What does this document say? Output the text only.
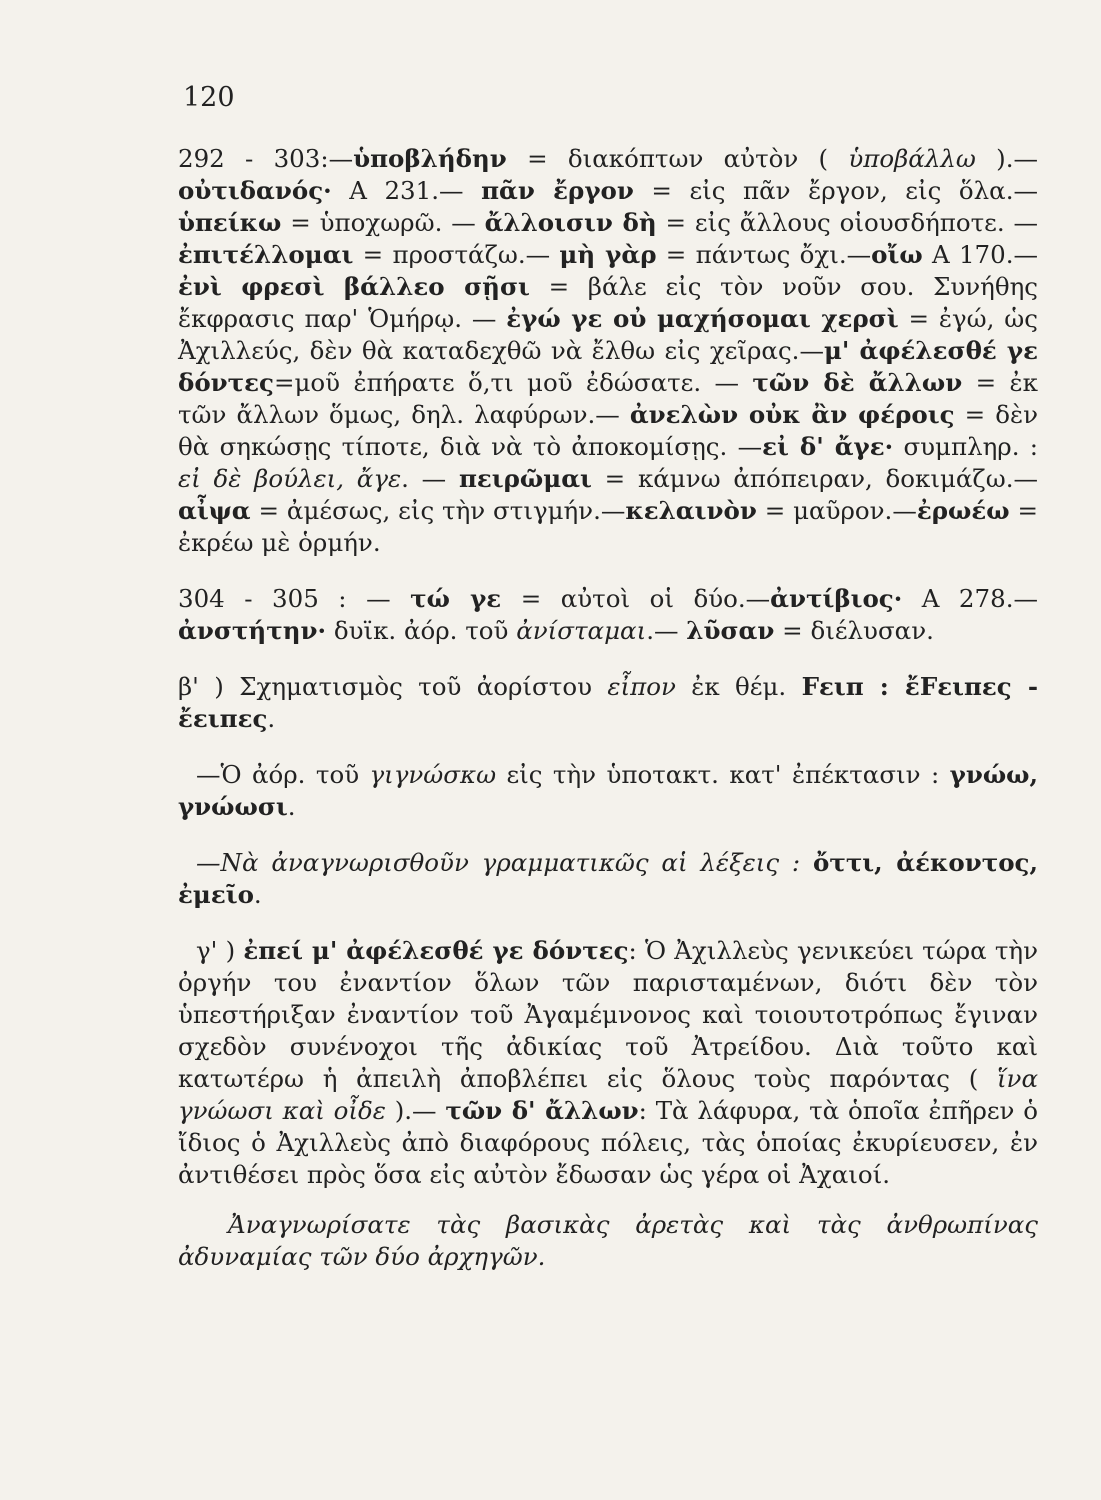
120

292 - 303:—ὑποβλήδην = διακόπτων αὐτὸν ( ὑποβάλλω ).—οὐτιδανός· A 231.— πᾶν ἔργον = εἰς πᾶν ἔργον, εἰς ὅλα.—ὑπείκω = ὑποχωρῶ. — ἄλλοισιν δὴ = εἰς ἄλλους οἱουσδήποτε. — ἐπιτέλλομαι = προστάζω.— μὴ γὰρ = πάντως ὄχι.—οἴω A 170.—ἐνὶ φρεσὶ βάλλεο σῇσι = βάλε εἰς τὸν νοῦν σου. Συνήθης ἔκφρασις παρ' Ὁμήρῳ. — ἐγώ γε οὐ μαχήσομαι χερσὶ = ἐγώ, ὡς Ἀχιλλεύς, δὲν θὰ καταδεχθῶ νὰ ἔλθω εἰς χεῖρας.—μ' ἀφέλεσθέ γε δόντες=μοῦ ἐπήρατε ὅ,τι μοῦ ἐδώσατε. — τῶν δὲ ἄλλων = ἐκ τῶν ἄλλων ὅμως, δηλ. λαφύρων.— ἀνελὼν οὐκ ἂν φέροις = δὲν θὰ σηκώσῃς τίποτε, διὰ νὰ τὸ ἀποκομίσῃς. —εἰ δ' ἄγε· συμπληρ. : εἰ δὲ βούλει, ἄγε. — πειρῶμαι = κάμνω ἀπόπειραν, δοκιμάζω.— αἶψα = ἀμέσως, εἰς τὴν στιγμήν.—κελαινὸν = μαῦρον.—ἐρωέω = ἐκρέω μὲ ὁρμήν.

304 - 305 : — τώ γε = αὐτοὶ οἱ δύο.—ἀντίβιος· A 278.—ἀνστήτην· δυϊκ. ἀόρ. τοῦ ἀνίσταμαι.— λῦσαν = διέλυσαν.

β' ) Σχηματισμὸς τοῦ ἀορίστου εἶπον ἐκ θέμ. Fειπ : ἔFειπες - ἔειπες.

—Ὁ ἀόρ. τοῦ γιγνώσκω εἰς τὴν ὑποτακτ. κατ' ἐπέκτασιν : γνώω, γνώωσι.

—Νὰ ἀναγνωρισθοῦν γραμματικῶς αἱ λέξεις : ὄττι, ἀέκοντος, ἐμεῖο.

γ' ) ἐπεί μ' ἀφέλεσθέ γε δόντες: Ὁ Ἀχιλλεὺς γενικεύει τώρα τὴν ὀργήν του ἐναντίον ὅλων τῶν παρισταμένων, διότι δὲν τὸν ὑπεστήριξαν ἐναντίον τοῦ Ἀγαμέμνονος καὶ τοιουτοτρόπως ἔγιναν σχεδὸν συνένοχοι τῆς ἀδικίας τοῦ Ἀτρείδου. Διὰ τοῦτο καὶ κατωτέρω ἡ ἀπειλὴ ἀποβλέπει εἰς ὅλους τοὺς παρόντας ( ἵνα γνώωσι καὶ οἶδε ).— τῶν δ' ἄλλων: Τὰ λάφυρα, τὰ ὁποῖα ἐπῆρεν ὁ ἴδιος ὁ Ἀχιλλεὺς ἀπὸ διαφόρους πόλεις, τὰς ὁποίας ἐκυρίευσεν, ἐν ἀντιθέσει πρὸς ὅσα εἰς αὐτὸν ἔδωσαν ὡς γέρα οἱ Ἀχαιοί.

Ἀναγνωρίσατε τὰς βασικὰς ἀρετὰς καὶ τὰς ἀνθρωπίνας ἀδυναμίας τῶν δύο ἀρχηγῶν.
